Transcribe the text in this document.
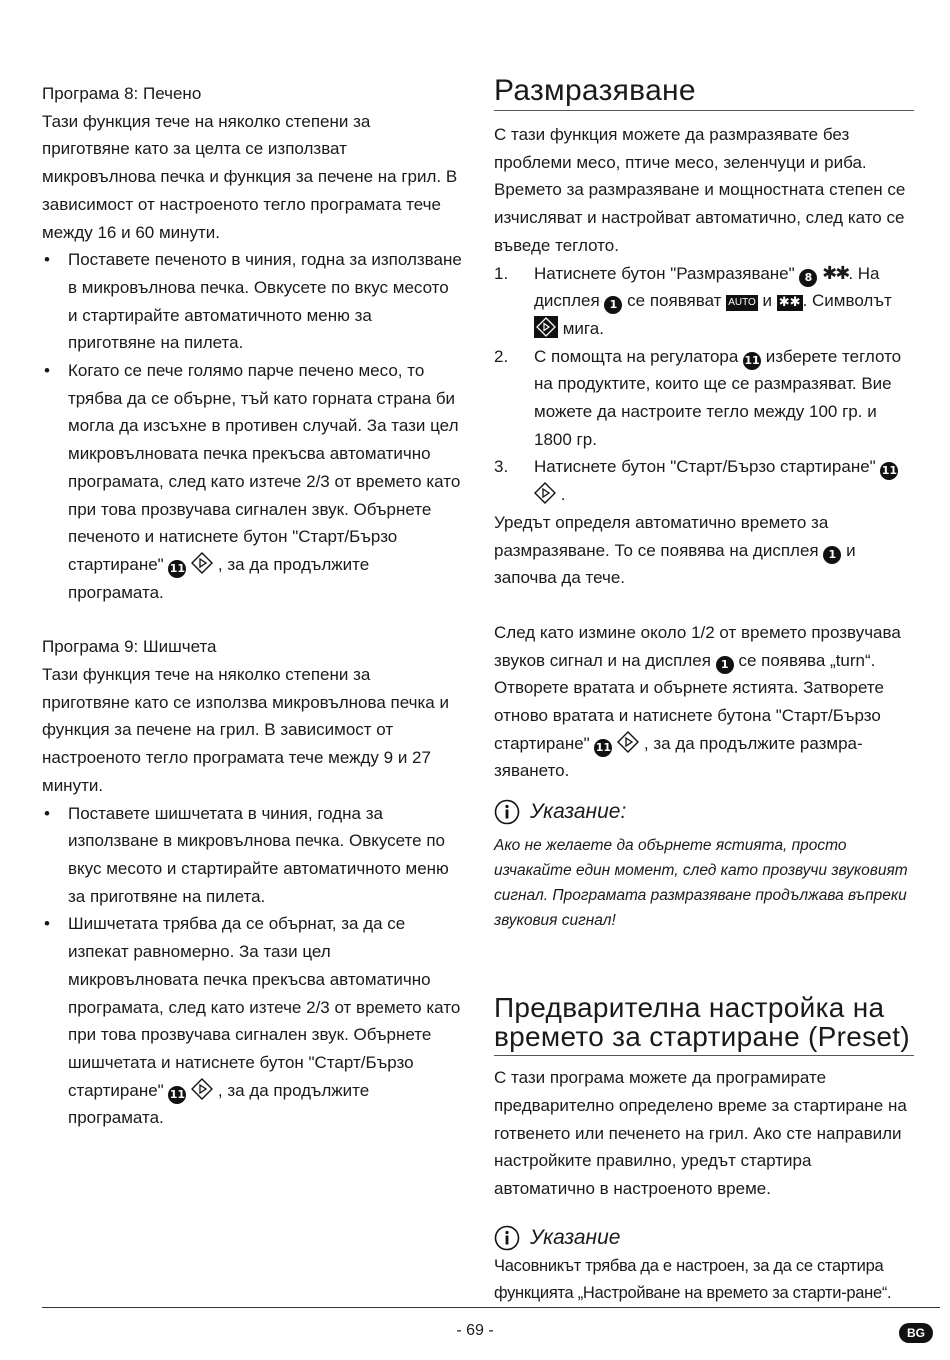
Програма 8: Печено

Тази функция тече на няколко степени за приготвяне като за целта се използват микровълнова печка и функция за печене на грил. В зависимост от настроеното тегло програмата тече между 16 и 60 минути.

• Поставете печеното в чиния, годна за използване в микровълнова печка. Овкусете по вкус месото и стартирайте автоматичното меню за приготвяне на пилета.
• Когато се пече голямо парче печено месо, то трябва да се обърне, тъй като горната страна би могла да изсъхне в противен случай. За тази цел микровълновата печка прекъсва автоматично програмата, след като изтече 2/3 от времето като при това прозвучава сигнален звук. Обърнете печеното и натиснете бутон "Старт/Бързо стартиране" 11 , за да продължите програмата.

Програма 9: Шишчета

Тази функция тече на няколко степени за приготвяне като се използва микровълнова печка и функция за печене на грил. В зависимост от настроеното тегло програмата тече между 9 и 27 минути.

• Поставете шишчетата в чиния, годна за използване в микровълнова печка. Овкусете по вкус месото и стартирайте автоматичното меню за приготвяне на пилета.
• Шишчетата трябва да се обърнат, за да се изпекат равномерно. За тази цел микровълновата печка прекъсва автоматично програмата, след като изтече 2/3 от времето като при това прозвучава сигнален звук. Обърнете шишчетата и натиснете бутон "Старт/Бързо стартиране" 11 , за да продължите програмата.
Размразяване

С тази функция можете да размразявате без проблеми месо, птиче месо, зеленчуци и риба. Времето за размразяване и мощностната степен се изчисляват и настройват автоматично, след като се въведе теглото.

1. Натиснете бутон "Размразяване" 8 ✱✱. На дисплея 1 се появяват AUTO и ✱✱ . Символът  мига.
2. С помощта на регулатора 11 изберете теглото на продуктите, които ще се размразяват. Вие можете да настроите тегло между 100 гр. и 1800 гр.
3. Натиснете бутон "Старт/Бързо стартиране" 11
.

Уредът определя автоматично времето за размразяване. То се появява на дисплея 1 и започва да тече.

След като измине около 1/2 от времето прозвучава звуков сигнал и на дисплея 1 се появява „turn“. Отворете вратата и обърнете ястията. Затворете отново вратата и натиснете бутона "Старт/Бързо стартиране" 11 , за да продължите размра-зяването.

Указание:

Ако не желаете да обърнете ястията, просто изчакайте един момент, след като прозвучи звуковият сигнал. Програмата размразяване продължава въпреки звуковия сигнал!

Предварителна настройка на
времето за стартиране (Preset)

С тази програма можете да програмирате предварително определено време за стартиране на готвенето или печенето на грил. Ако сте направили настройките правилно, уредът стартира автоматично в настроеното време.

Указание

Часовникът трябва да е настроен, за да се стартира функцията „Настройване на времето за старти-ране“.

- 69 -	BG
